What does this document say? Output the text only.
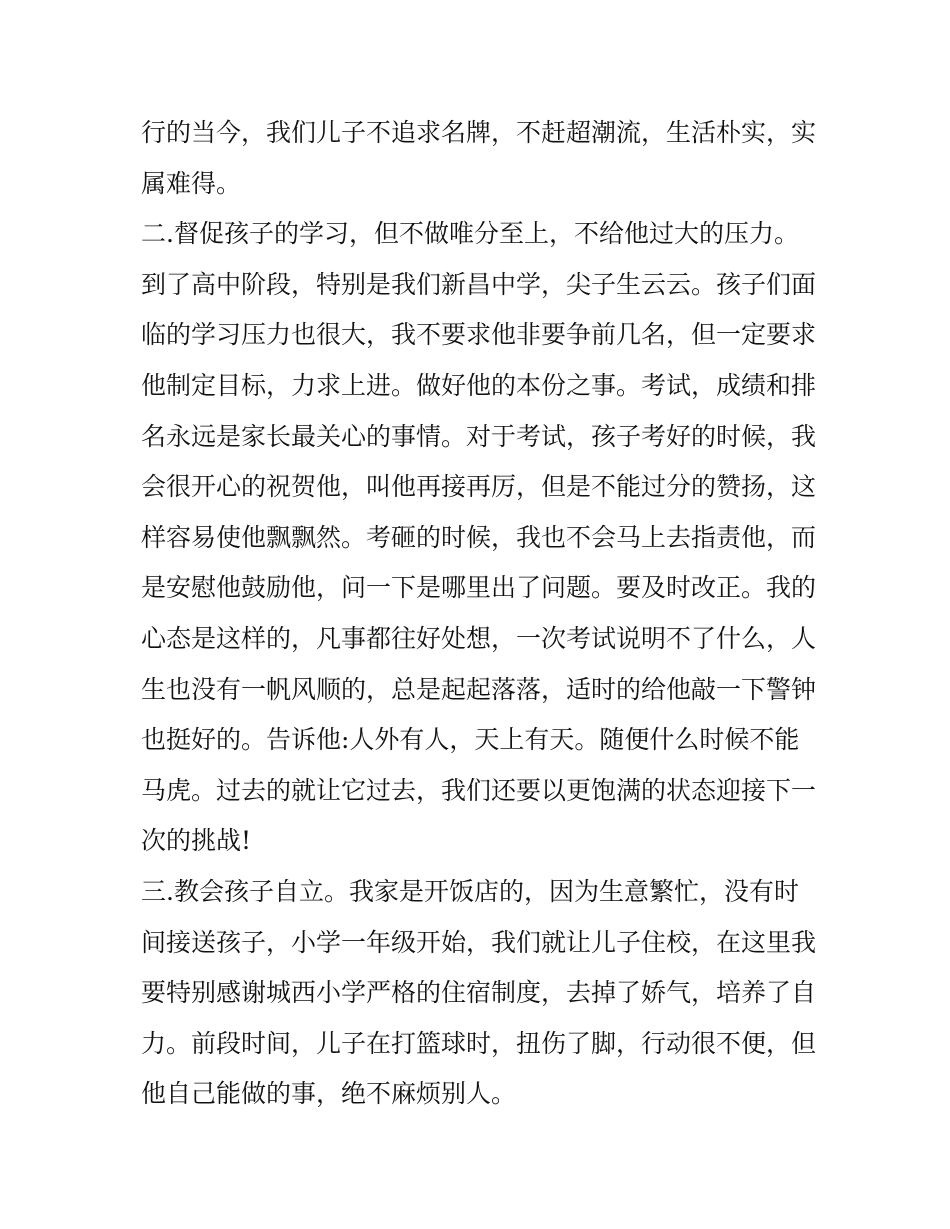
行的当今，我们儿子不追求名牌，不赶超潮流，生活朴实，实
属难得。
二.督促孩子的学习，但不做唯分至上，不给他过大的压力。
到了高中阶段，特别是我们新昌中学，尖子生云云。孩子们面
临的学习压力也很大，我不要求他非要争前几名，但一定要求
他制定目标，力求上进。做好他的本份之事。考试，成绩和排
名永远是家长最关心的事情。对于考试，孩子考好的时候，我
会很开心的祝贺他，叫他再接再厉，但是不能过分的赞扬，这
样容易使他飘飘然。考砸的时候，我也不会马上去指责他，而
是安慰他鼓励他，问一下是哪里出了问题。要及时改正。我的
心态是这样的，凡事都往好处想，一次考试说明不了什么，人
生也没有一帆风顺的，总是起起落落，适时的给他敲一下警钟
也挺好的。告诉他:人外有人，天上有天。随便什么时候不能
马虎。过去的就让它过去，我们还要以更饱满的状态迎接下一
次的挑战!
三.教会孩子自立。我家是开饭店的，因为生意繁忙，没有时
间接送孩子，小学一年级开始，我们就让儿子住校，在这里我
要特别感谢城西小学严格的住宿制度，去掉了娇气，培养了自
力。前段时间，儿子在打篮球时，扭伤了脚，行动很不便，但
他自己能做的事，绝不麻烦别人。
